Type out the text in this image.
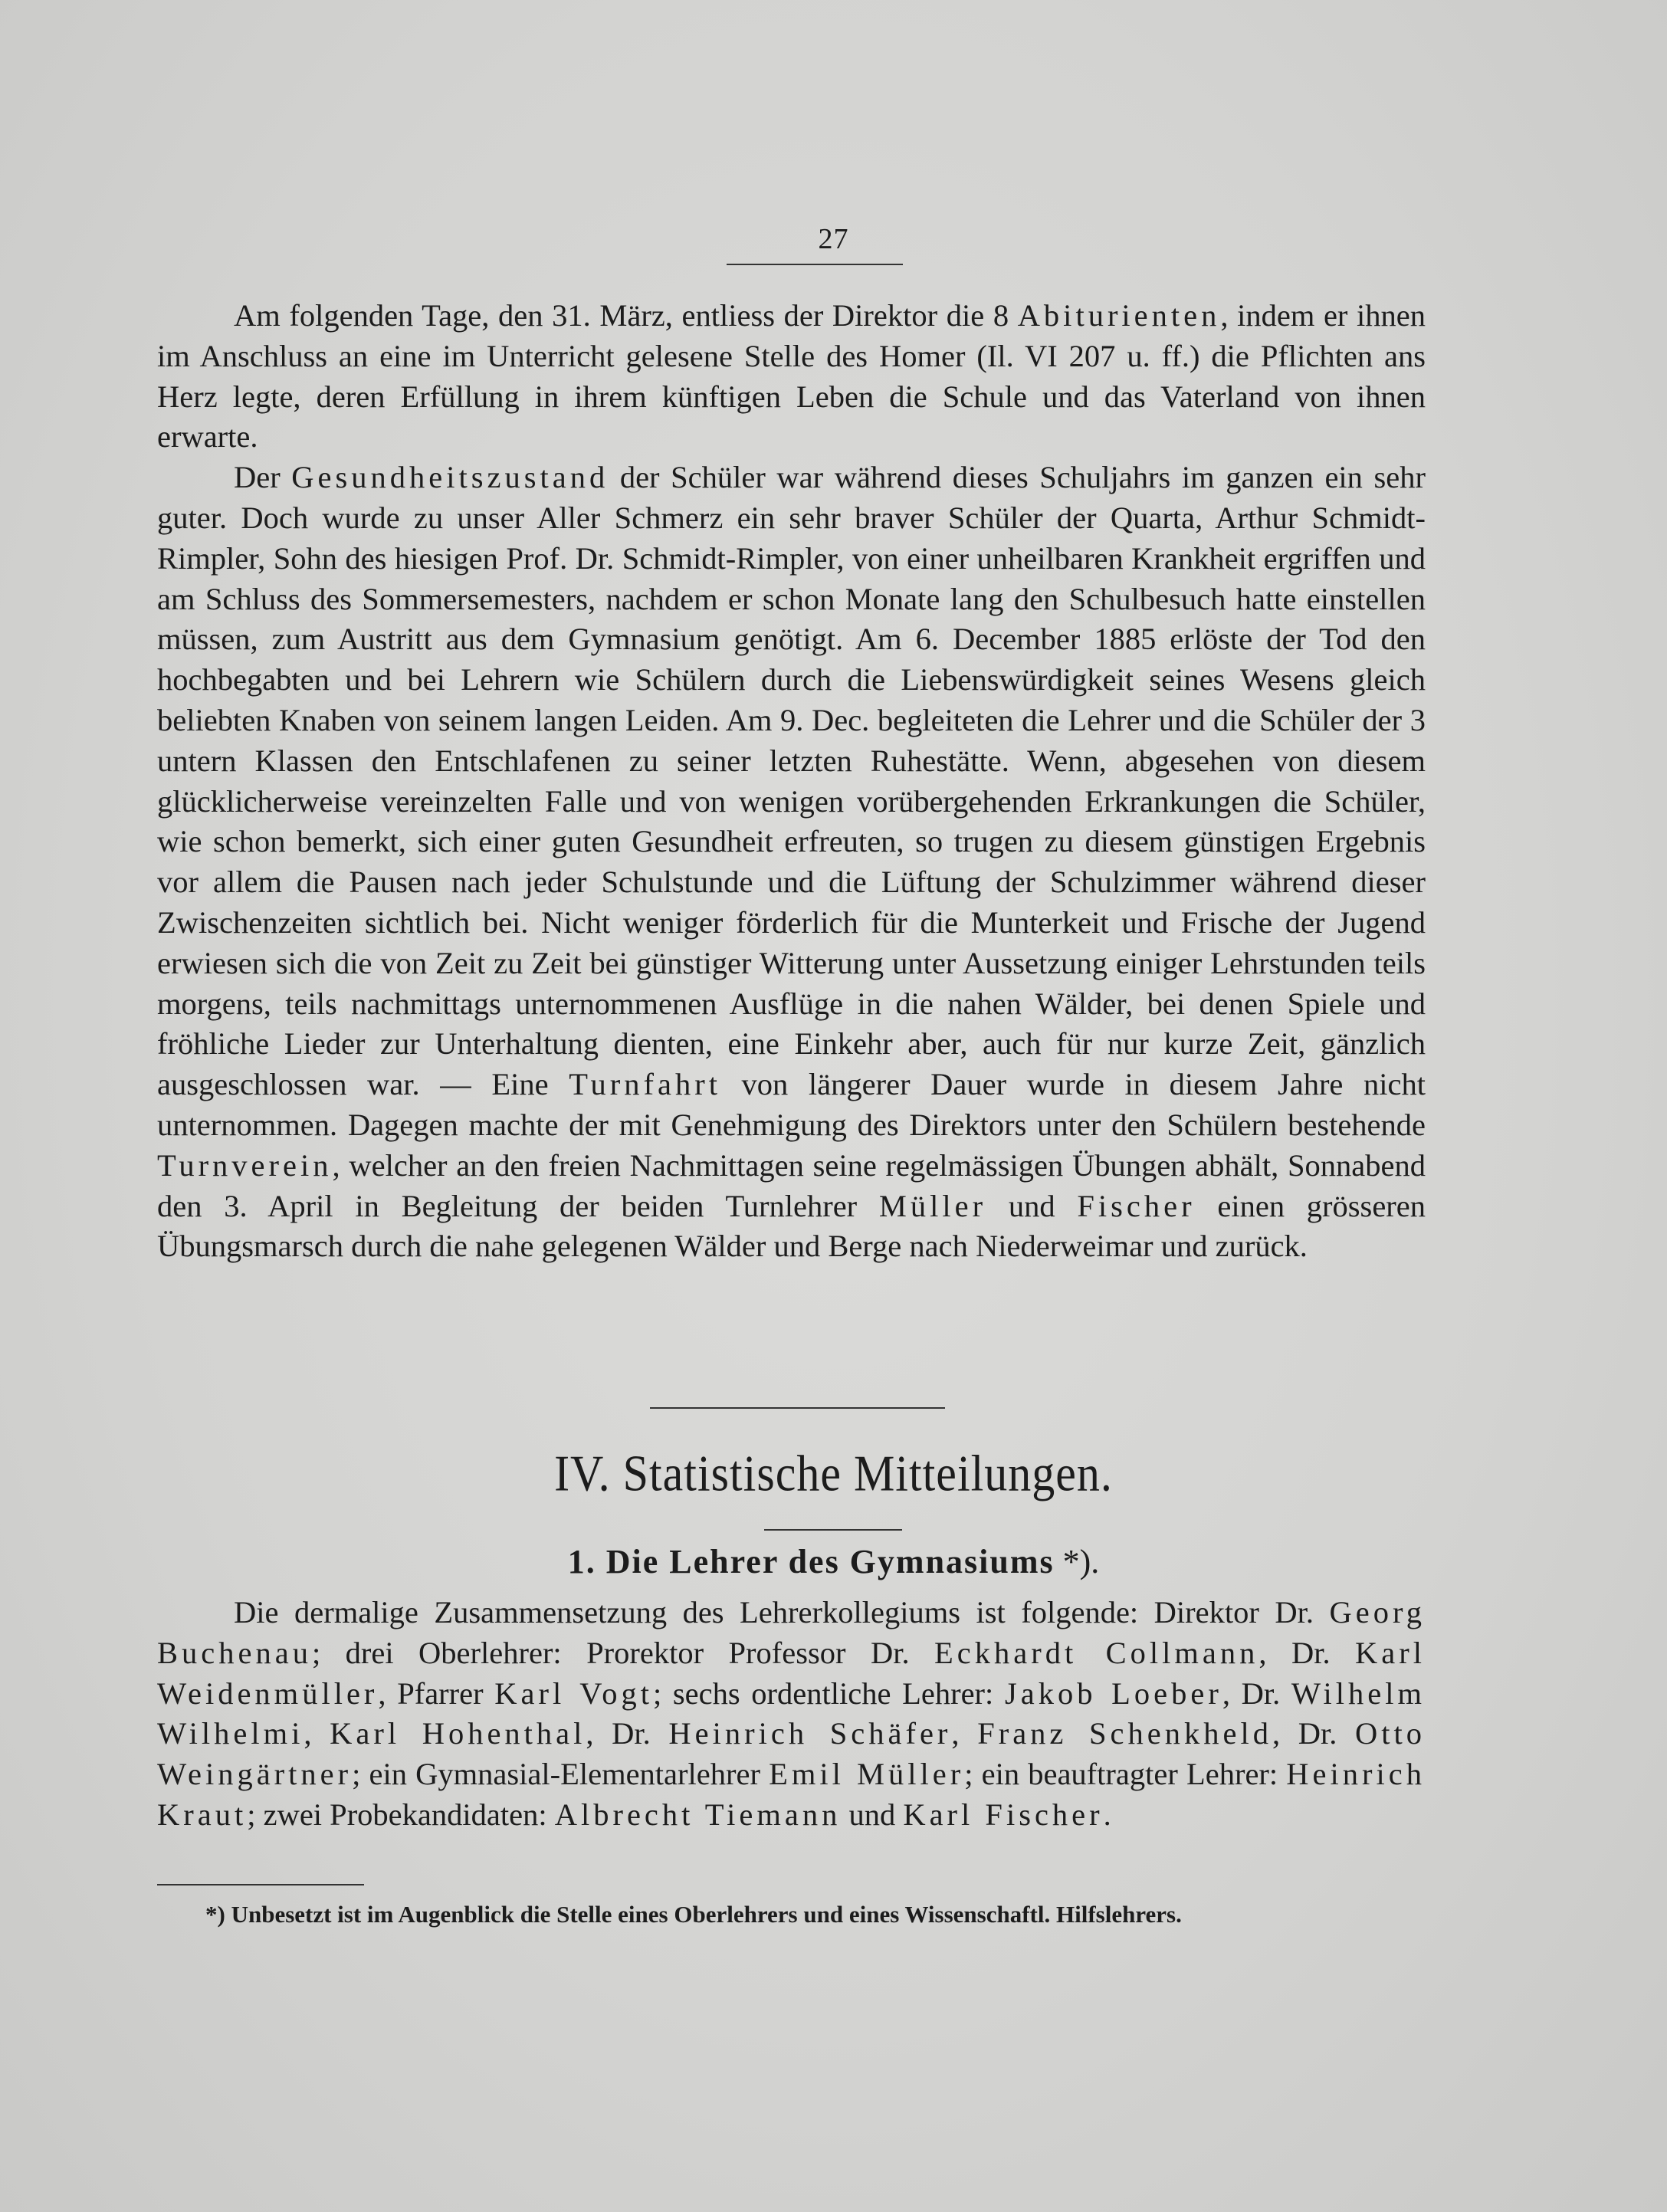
27

Am folgenden Tage, den 31. März, entliess der Direktor die 8 Abiturienten, indem er ihnen im Anschluss an eine im Unterricht gelesene Stelle des Homer (Il. VI 207 u. ff.) die Pflichten ans Herz legte, deren Erfüllung in ihrem künftigen Leben die Schule und das Vaterland von ihnen erwarte.

Der Gesundheitszustand der Schüler war während dieses Schuljahrs im ganzen ein sehr guter. Doch wurde zu unser Aller Schmerz ein sehr braver Schüler der Quarta, Arthur Schmidt-Rimpler, Sohn des hiesigen Prof. Dr. Schmidt-Rimpler, von einer unheilbaren Krankheit ergriffen und am Schluss des Sommersemesters, nachdem er schon Monate lang den Schulbesuch hatte einstellen müssen, zum Austritt aus dem Gymnasium genötigt. Am 6. December 1885 erlöste der Tod den hochbegabten und bei Lehrern wie Schülern durch die Liebenswürdigkeit seines Wesens gleich beliebten Knaben von seinem langen Leiden. Am 9. Dec. begleiteten die Lehrer und die Schüler der 3 untern Klassen den Entschlafenen zu seiner letzten Ruhestätte. Wenn, abgesehen von diesem glücklicherweise vereinzelten Falle und von wenigen vorübergehenden Erkrankungen die Schüler, wie schon bemerkt, sich einer guten Gesundheit erfreuten, so trugen zu diesem günstigen Ergebnis vor allem die Pausen nach jeder Schulstunde und die Lüftung der Schulzimmer während dieser Zwischenzeiten sichtlich bei. Nicht weniger förderlich für die Munterkeit und Frische der Jugend erwiesen sich die von Zeit zu Zeit bei günstiger Witterung unter Aussetzung einiger Lehrstunden teils morgens, teils nachmittags unternommenen Ausflüge in die nahen Wälder, bei denen Spiele und fröhliche Lieder zur Unterhaltung dienten, eine Einkehr aber, auch für nur kurze Zeit, gänzlich ausgeschlossen war. — Eine Turnfahrt von längerer Dauer wurde in diesem Jahre nicht unternommen. Dagegen machte der mit Genehmigung des Direktors unter den Schülern bestehende Turnverein, welcher an den freien Nachmittagen seine regelmässigen Übungen abhält, Sonnabend den 3. April in Begleitung der beiden Turnlehrer Müller und Fischer einen grösseren Übungsmarsch durch die nahe gelegenen Wälder und Berge nach Niederweimar und zurück.

IV. Statistische Mitteilungen.
1. Die Lehrer des Gymnasiums *).

Die dermalige Zusammensetzung des Lehrerkollegiums ist folgende: Direktor Dr. Georg Buchenau; drei Oberlehrer: Prorektor Professor Dr. Eckhardt Collmann, Dr. Karl Weidenmüller, Pfarrer Karl Vogt; sechs ordentliche Lehrer: Jakob Loeber, Dr. Wilhelm Wilhelmi, Karl Hohenthal, Dr. Heinrich Schäfer, Franz Schenkheld, Dr. Otto Weingärtner; ein Gymnasial-Elementarlehrer Emil Müller; ein beauftragter Lehrer: Heinrich Kraut; zwei Probekandidaten: Albrecht Tiemann und Karl Fischer.

*) Unbesetzt ist im Augenblick die Stelle eines Oberlehrers und eines Wissenschaftl. Hilfslehrers.
